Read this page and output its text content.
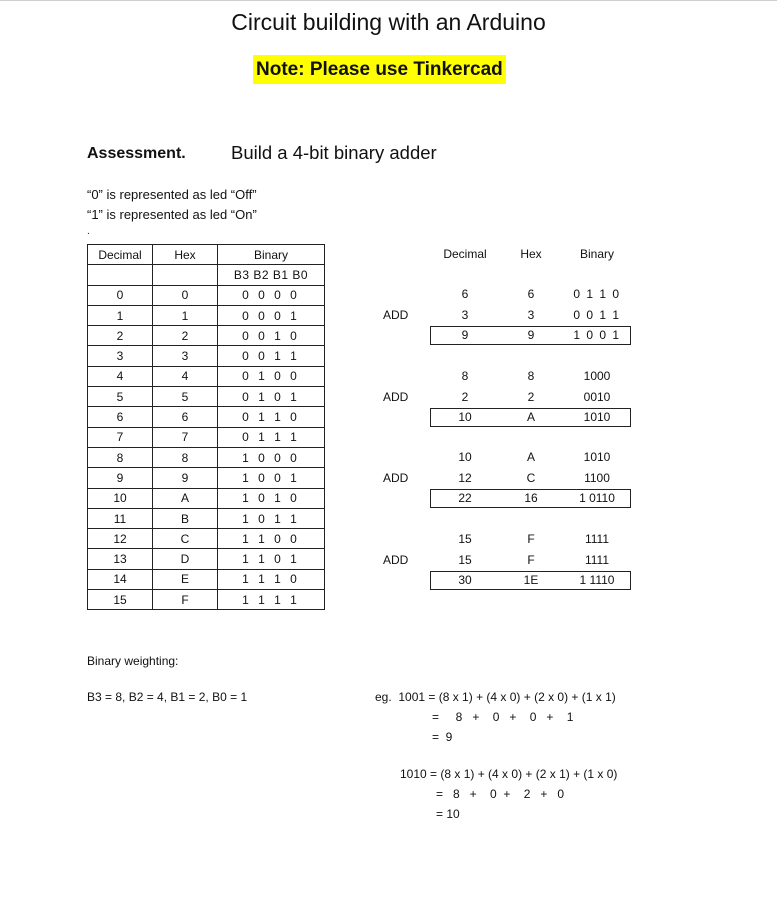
Circuit building with an Arduino
Note: Please use Tinkercad
Assessment. Build a 4-bit binary adder
“0” is represented as led “Off”
“1” is represented as led “On”
.
Decimal	Hex	Binary
		B3 B2 B1 B0
0	0	0 0 0 0
1	1	0 0 0 1
2	2	0 0 1 0
3	3	0 0 1 1
4	4	0 1 0 0
5	5	0 1 0 1
6	6	0 1 1 0
7	7	0 1 1 1
8	8	1 0 0 0
9	9	1 0 0 1
10	A	1 0 1 0
11	B	1 0 1 1
12	C	1 1 0 0
13	D	1 1 0 1
14	E	1 1 1 0
15	F	1 1 1 1
Decimal	Hex	Binary
6	6	0 1 1 0
3	3	0 0 1 1
9	9	1 0 0 1
ADD
8	8	1000
2	2	0010
10	A	1010
ADD
10	A	1010
12	C	1100
22	16	1 0110
ADD
15	F	1111
15	F	1111
30	1E	1 1110
ADD
Binary weighting:
B3 = 8, B2 = 4, B1 = 2, B0 = 1	eg.  1001 = (8 x 1) + (4 x 0) + (2 x 0) + (1 x 1)
=     8   +    0   +    0   +    1
=  9
1010 = (8 x 1) + (4 x 0) + (2 x 1) + (1 x 0)
=   8   +    0  +    2   +   0
= 10
